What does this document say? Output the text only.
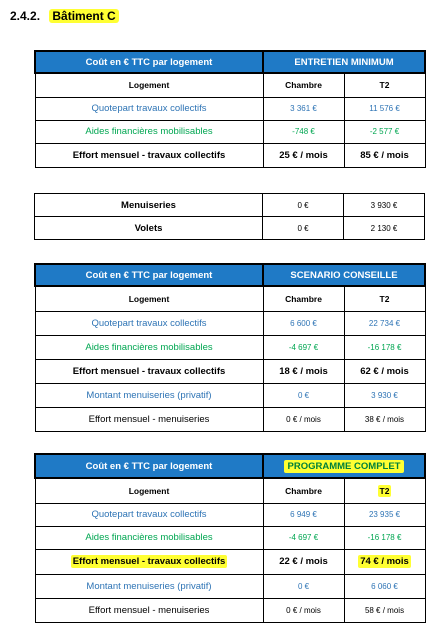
2.4.2. Bâtiment C
Coût en € TTC par logement	ENTRETIEN MINIMUM	
Logement	Chambre	T2
Quotepart travaux collectifs	3 361 €	11 576 €
Aides financières mobilisables	-748 €	-2 577 €
Effort mensuel - travaux collectifs	25 € / mois	85 € / mois
Menuiseries	0 €	3 930 €
Volets	0 €	2 130 €
Coût en € TTC par logement	SCENARIO CONSEILLE	
Logement	Chambre	T2
Quotepart travaux collectifs	6 600 €	22 734 €
Aides financières mobilisables	-4 697 €	-16 178 €
Effort mensuel - travaux collectifs	18 € / mois	62 € / mois
Montant menuiseries (privatif)	0 €	3 930 €
Effort mensuel - menuiseries	0 € / mois	38 € / mois
Coût en € TTC par logement	PROGRAMME COMPLET	
Logement	Chambre	T2
Quotepart travaux collectifs	6 949 €	23 935 €
Aides financières mobilisables	-4 697 €	-16 178 €
Effort mensuel - travaux collectifs	22 € / mois	74 € / mois
Montant menuiseries (privatif)	0 €	6 060 €
Effort mensuel - menuiseries	0 € / mois	58 € / mois
